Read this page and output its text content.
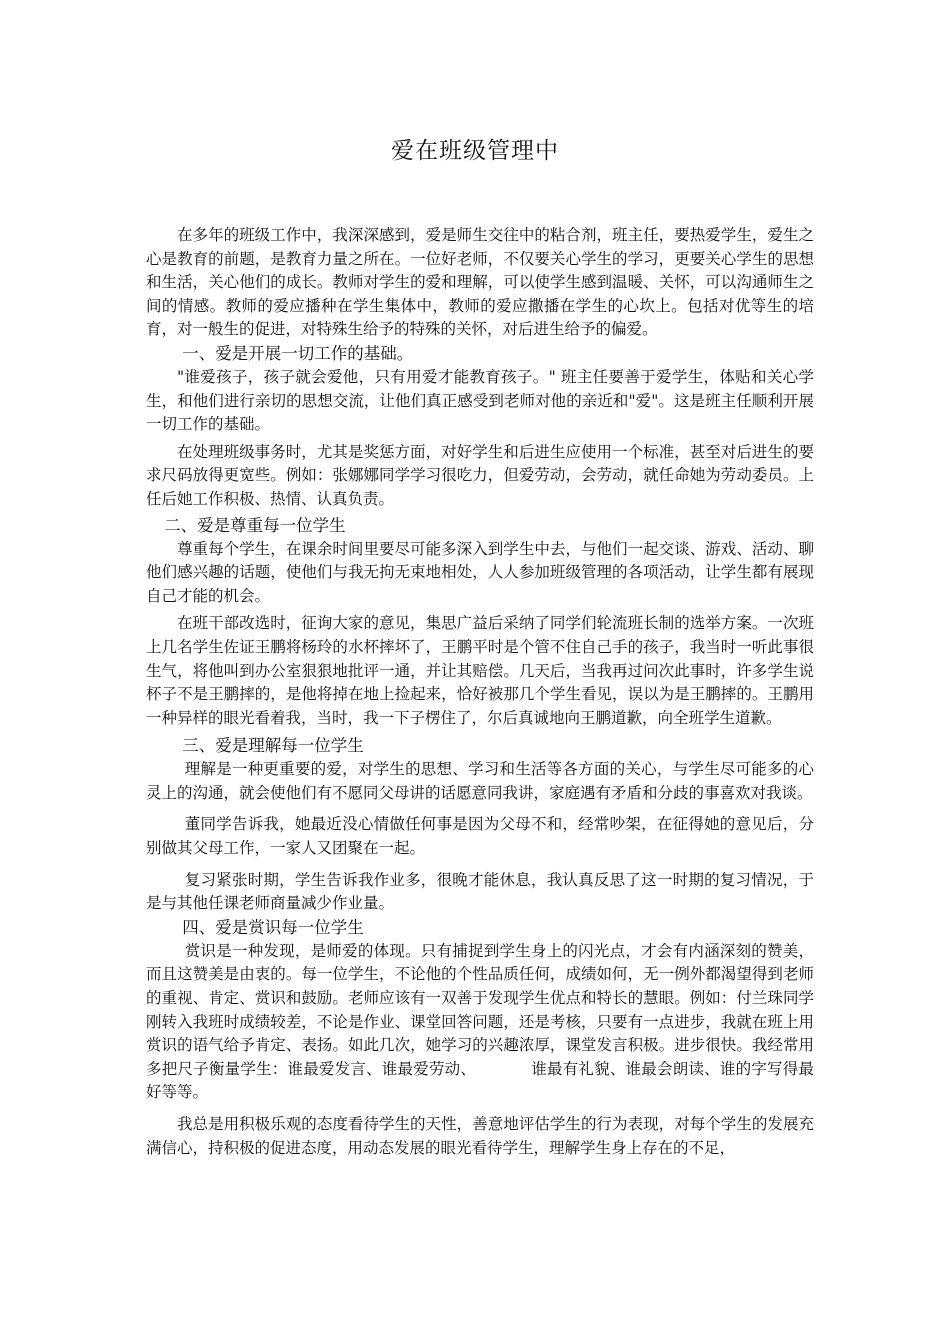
爱在班级管理中

在多年的班级工作中，我深深感到，爱是师生交往中的粘合剂，班主任，要热爱学生，爱生之心是教育的前题，是教育力量之所在。一位好老师，不仅要关心学生的学习，更要关心学生的思想和生活，关心他们的成长。教师对学生的爱和理解，可以使学生感到温暖、关怀，可以沟通师生之间的情感。教师的爱应播种在学生集体中，教师的爱应撒播在学生的心坎上。包括对优等生的培育，对一般生的促进，对特殊生给予的特殊的关怀，对后进生给予的偏爱。

一、爱是开展一切工作的基础。

"谁爱孩子，孩子就会爱他，只有用爱才能教育孩子。" 班主任要善于爱学生，体贴和关心学生，和他们进行亲切的思想交流，让他们真正感受到老师对他的亲近和"爱"。这是班主任顺利开展一切工作的基础。

在处理班级事务时，尤其是奖惩方面，对好学生和后进生应使用一个标准，甚至对后进生的要求尺码放得更宽些。例如：张娜娜同学学习很吃力，但爱劳动，会劳动，就任命她为劳动委员。上任后她工作积极、热情、认真负责。

二、爱是尊重每一位学生

尊重每个学生，在课余时间里要尽可能多深入到学生中去，与他们一起交谈、游戏、活动、聊他们感兴趣的话题，使他们与我无拘无束地相处，人人参加班级管理的各项活动，让学生都有展现自己才能的机会。

在班干部改选时，征询大家的意见，集思广益后采纳了同学们轮流班长制的选举方案。一次班上几名学生佐证王鹏将杨玲的水杯摔坏了，王鹏平时是个管不住自己手的孩子，我当时一听此事很生气，将他叫到办公室狠狠地批评一通，并让其赔偿。几天后，当我再过问次此事时，许多学生说杯子不是王鹏摔的，是他将掉在地上捡起来，恰好被那几个学生看见，误以为是王鹏摔的。王鹏用一种异样的眼光看着我，当时，我一下子楞住了，尔后真诚地向王鹏道歉，向全班学生道歉。

三、爱是理解每一位学生

理解是一种更重要的爱，对学生的思想、学习和生活等各方面的关心，与学生尽可能多的心灵上的沟通，就会使他们有不愿同父母讲的话愿意同我讲，家庭遇有矛盾和分歧的事喜欢对我谈。

董同学告诉我，她最近没心情做任何事是因为父母不和，经常吵架，在征得她的意见后，分别做其父母工作，一家人又团聚在一起。

复习紧张时期，学生告诉我作业多，很晚才能休息，我认真反思了这一时期的复习情况，于是与其他任课老师商量减少作业量。

四、爱是赏识每一位学生

赏识是一种发现，是师爱的体现。只有捕捉到学生身上的闪光点，才会有内涵深刻的赞美，而且这赞美是由衷的。每一位学生，不论他的个性品质任何，成绩如何，无一例外都渴望得到老师的重视、肯定、赏识和鼓励。老师应该有一双善于发现学生优点和特长的慧眼。例如：付兰珠同学刚转入我班时成绩较差，不论是作业、课堂回答问题，还是考核，只要有一点进步，我就在班上用赏识的语气给予肯定、表扬。如此几次，她学习的兴趣浓厚，课堂发言积极。进步很快。我经常用多把尺子衡量学生：谁最爱发言、谁最爱劳动、　　　　谁最有礼貌、谁最会朗读、谁的字写得最好等等。

我总是用积极乐观的态度看待学生的天性，善意地评估学生的行为表现，对每个学生的发展充满信心，持积极的促进态度，用动态发展的眼光看待学生，理解学生身上存在的不足，
